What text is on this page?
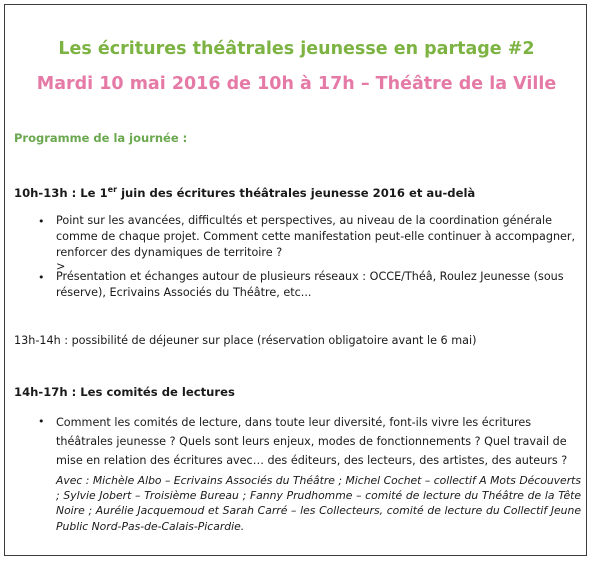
Les écritures théâtrales jeunesse en partage #2
Mardi 10 mai 2016 de 10h à 17h – Théâtre de la Ville
Programme de la journée :
10h-13h : Le 1er juin des écritures théâtrales jeunesse 2016 et au-delà
•
Point sur les avancées, difficultés et perspectives, au niveau de la coordination générale comme de chaque projet. Comment cette manifestation peut-elle continuer à accompagner, renforcer des dynamiques de territoire ?
>
•
Présentation et échanges autour de plusieurs réseaux : OCCE/Théâ, Roulez Jeunesse (sous réserve), Ecrivains Associés du Théâtre, etc...
13h-14h : possibilité de déjeuner sur place (réservation obligatoire avant le 6 mai)
14h-17h : Les comités de lectures
•
Comment les comités de lecture, dans toute leur diversité, font-ils vivre les écritures théâtrales jeunesse ? Quels sont leurs enjeux, modes de fonctionnements ? Quel travail de mise en relation des écritures avec… des éditeurs, des lecteurs, des artistes, des auteurs ?
Avec : Michèle Albo – Ecrivains Associés du Théâtre ; Michel Cochet – collectif A Mots Découverts ; Sylvie Jobert – Troisième Bureau ; Fanny Prudhomme – comité de lecture du Théâtre de la Tête Noire ; Aurélie Jacquemoud et Sarah Carré – les Collecteurs, comité de lecture du Collectif Jeune Public Nord-Pas-de-Calais-Picardie.
